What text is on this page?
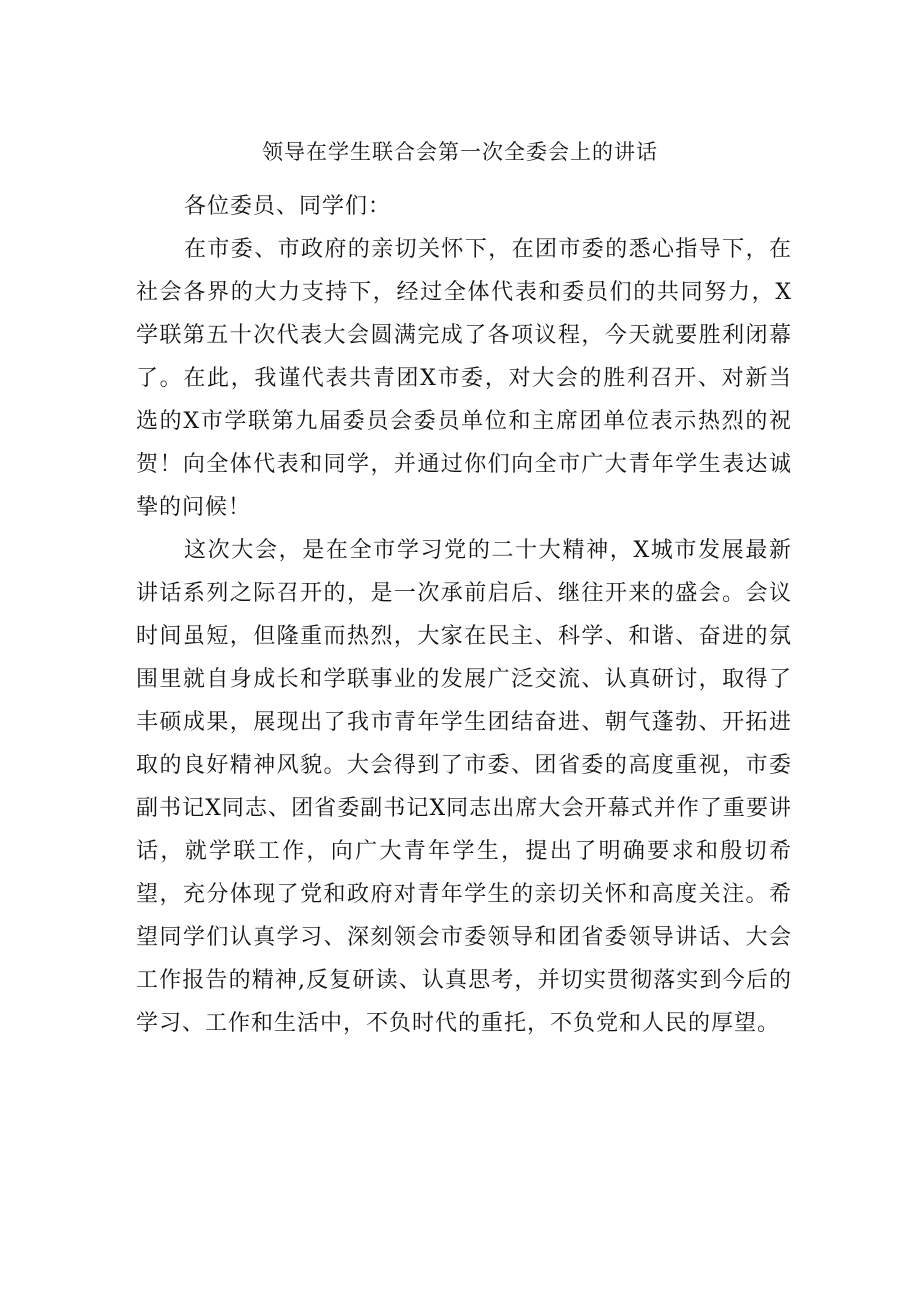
领导在学生联合会第一次全委会上的讲话

各位委员、同学们：

在市委、市政府的亲切关怀下，在团市委的悉心指导下，在社会各界的大力支持下，经过全体代表和委员们的共同努力，X学联第五十次代表大会圆满完成了各项议程，今天就要胜利闭幕了。在此，我谨代表共青团X市委，对大会的胜利召开、对新当选的X市学联第九届委员会委员单位和主席团单位表示热烈的祝贺！向全体代表和同学，并通过你们向全市广大青年学生表达诚挚的问候！

这次大会，是在全市学习党的二十大精神，X城市发展最新讲话系列之际召开的，是一次承前启后、继往开来的盛会。会议时间虽短，但隆重而热烈，大家在民主、科学、和谐、奋进的氛围里就自身成长和学联事业的发展广泛交流、认真研讨，取得了丰硕成果，展现出了我市青年学生团结奋进、朝气蓬勃、开拓进取的良好精神风貌。大会得到了市委、团省委的高度重视，市委副书记X同志、团省委副书记X同志出席大会开幕式并作了重要讲话，就学联工作，向广大青年学生，提出了明确要求和殷切希望，充分体现了党和政府对青年学生的亲切关怀和高度关注。希望同学们认真学习、深刻领会市委领导和团省委领导讲话、大会工作报告的精神,反复研读、认真思考，并切实贯彻落实到今后的学习、工作和生活中，不负时代的重托，不负党和人民的厚望。
